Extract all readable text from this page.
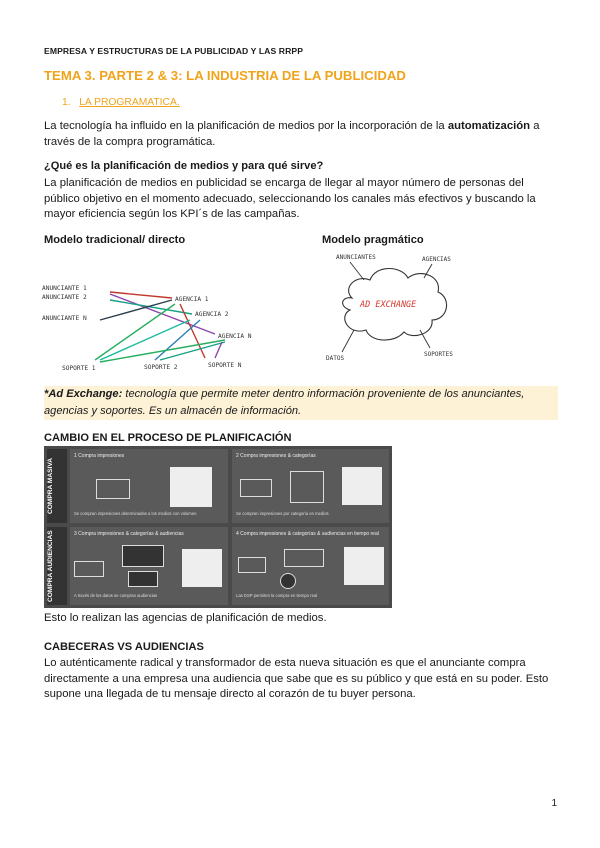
EMPRESA Y ESTRUCTURAS DE LA PUBLICIDAD Y LAS RRPP
TEMA 3. PARTE 2 & 3: LA INDUSTRIA DE LA PUBLICIDAD
1. LA PROGRAMATICA.
La tecnología ha influido en la planificación de medios por la incorporación de la automatización a través de la compra programática.
¿Qué es la planificación de medios y para qué sirve?
La planificación de medios en publicidad se encarga de llegar al mayor número de personas del público objetivo en el momento adecuado, seleccionando los canales más efectivos y buscando la mayor eficiencia según los KPI´s de las campañas.
Modelo tradicional/ directo	Modelo pragmático
ANUNCIANTE 1
ANUNCIANTE 2
ANUNCIANTE N
AGENCIA 1
AGENCIA 2
AGENCIA N
SOPORTE 1	SOPORTE 2	SOPORTE N
ANUNCIANTES	AGENCIAS
AD EXCHANGE
DATOS
SOPORTES
*Ad Exchange: tecnología que permite meter dentro información proveniente de los anunciantes, agencias y soportes. Es un almacén de información.
CAMBIO EN EL PROCESO DE PLANIFICACIÓN
COMPRA MASIVA
COMPRA AUDIENCIAS
1 Compra impresiones
Se compran impresiones determinadas a los medios con volumen
2 Compra impresiones & categorías
Se compran impresiones por categoría en medios
3 Compra impresiones & categorías & audiencias
A través de los datos se compran audiencias
4 Compra impresiones & categorías & audiencias en tiempo real
Las DSP permiten la compra en tiempo real
Esto lo realizan las agencias de planificación de medios.
CABECERAS VS AUDIENCIAS
Lo auténticamente radical y transformador de esta nueva situación es que el anunciante compra directamente a una empresa una audiencia que sabe que es su público y que está en su poder. Esto supone una llegada de tu mensaje directo al corazón de tu buyer persona.
1
